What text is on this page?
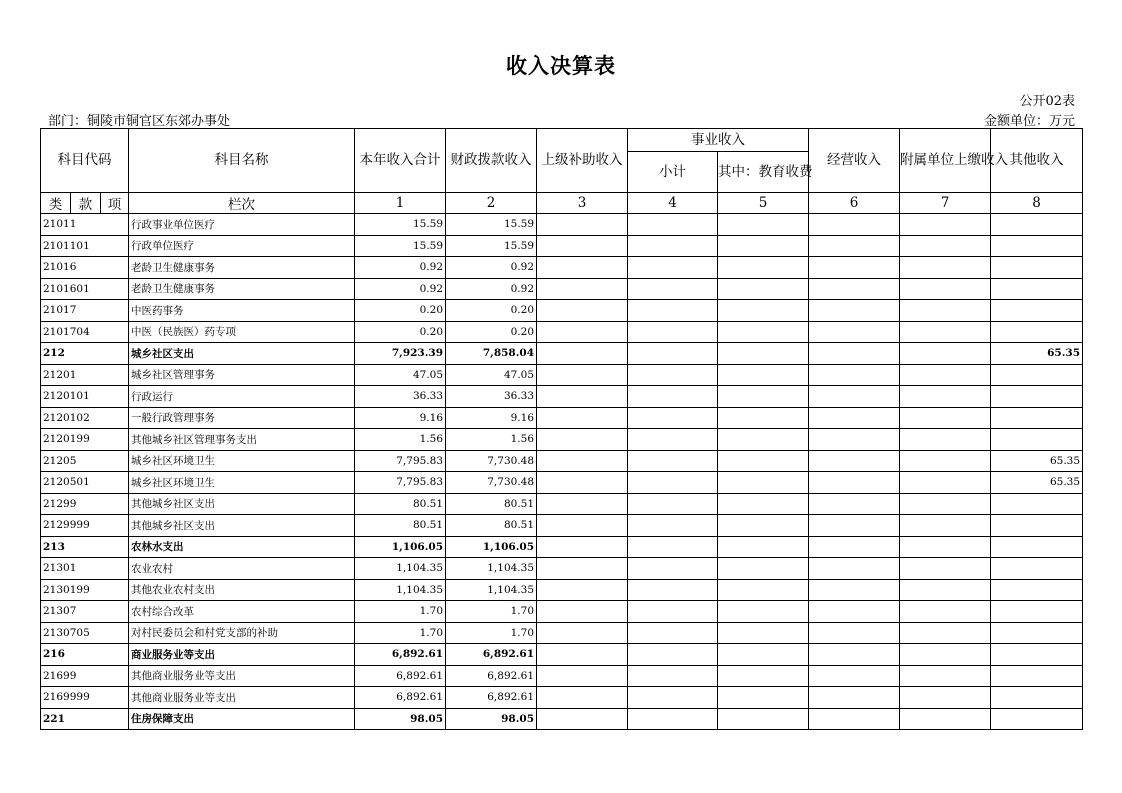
收入决算表
公开02表
部门：铜陵市铜官区东郊办事处	金额单位：万元
科目代码			科目名称	本年收入合计	财政拨款收入	上级补助收入	事业收入		经营收入	附属单位上缴收入	其他收入
							小计	其中：教育收费			
类	款	项	栏次	1	2	3	4	5	6	7	8
21011			行政事业单位医疗	15.59	15.59						
2101101			行政单位医疗	15.59	15.59						
21016			老龄卫生健康事务	0.92	0.92						
2101601			老龄卫生健康事务	0.92	0.92						
21017			中医药事务	0.20	0.20						
2101704			中医（民族医）药专项	0.20	0.20						
212			城乡社区支出	7,923.39	7,858.04						65.35
21201			城乡社区管理事务	47.05	47.05						
2120101			行政运行	36.33	36.33						
2120102			一般行政管理事务	9.16	9.16						
2120199			其他城乡社区管理事务支出	1.56	1.56						
21205			城乡社区环境卫生	7,795.83	7,730.48						65.35
2120501			城乡社区环境卫生	7,795.83	7,730.48						65.35
21299			其他城乡社区支出	80.51	80.51						
2129999			其他城乡社区支出	80.51	80.51						
213			农林水支出	1,106.05	1,106.05						
21301			农业农村	1,104.35	1,104.35						
2130199			其他农业农村支出	1,104.35	1,104.35						
21307			农村综合改革	1.70	1.70						
2130705			对村民委员会和村党支部的补助	1.70	1.70						
216			商业服务业等支出	6,892.61	6,892.61						
21699			其他商业服务业等支出	6,892.61	6,892.61						
2169999			其他商业服务业等支出	6,892.61	6,892.61						
221			住房保障支出	98.05	98.05						
